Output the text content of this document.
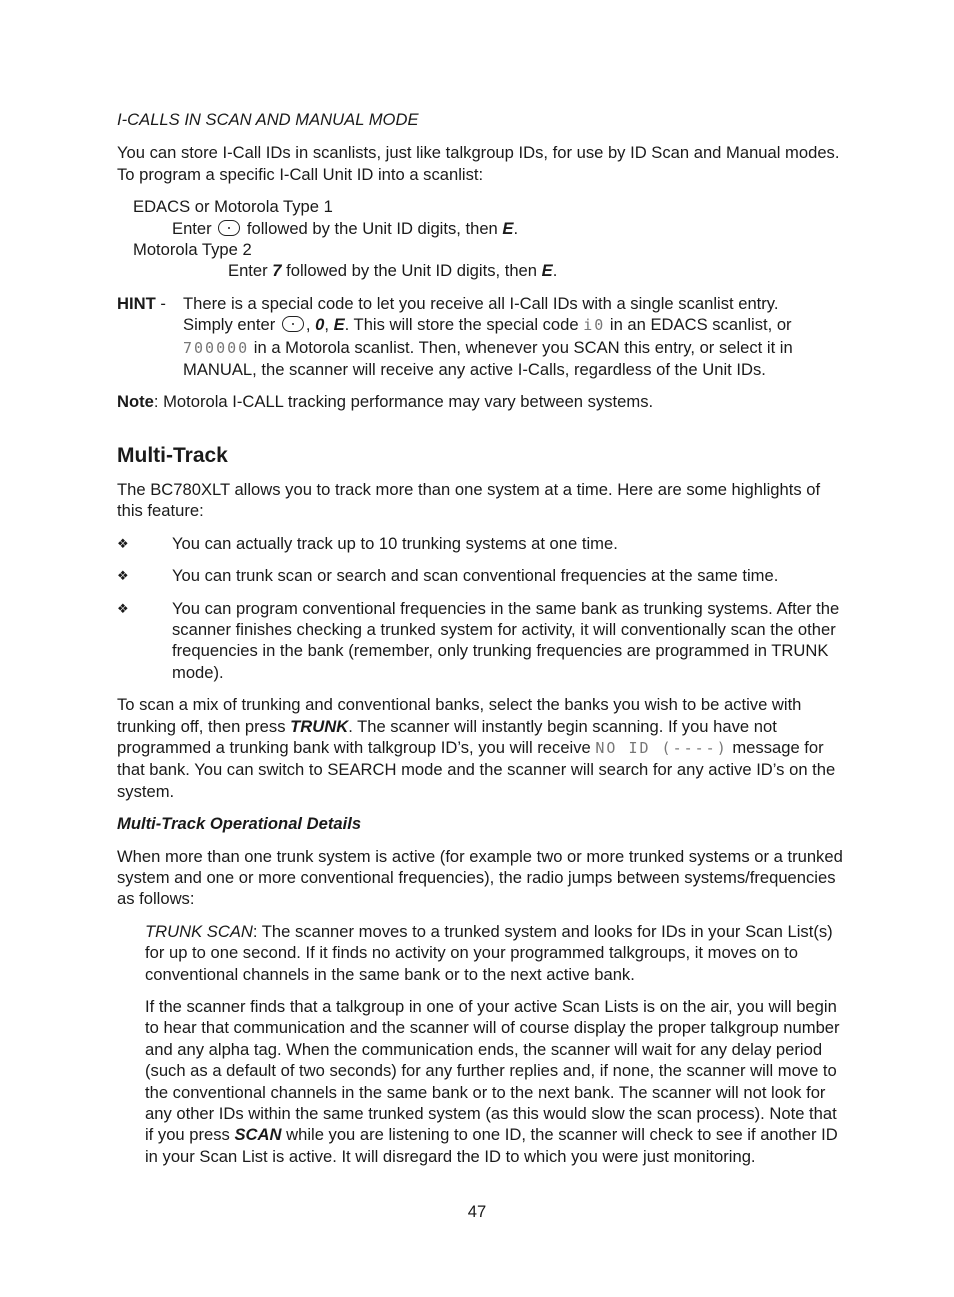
I-CALLS IN SCAN AND MANUAL MODE

You can store I-Call IDs in scanlists, just like talkgroup IDs, for use by ID Scan and Manual modes. To program a specific I-Call Unit ID into a scanlist:

EDACS or Motorola Type 1

Enter  followed by the Unit ID digits, then E.

Motorola Type 2

Enter 7 followed by the Unit ID digits, then E.

HINT -	There is a special code to let you receive all I-Call IDs with a single scanlist entry.

Simply enter , 0, E. This will store the special code i0 in an EDACS scanlist, or 700000 in a Motorola scanlist. Then, whenever you SCAN this entry, or select it in MANUAL, the scanner will receive any active I-Calls, regardless of the Unit IDs.

Note: Motorola I-CALL tracking performance may vary between systems.

Multi-Track

The BC780XLT allows you to track more than one system at a time. Here are some highlights of this feature:

❖	You can actually track up to 10 trunking systems at one time.
❖	You can trunk scan or search and scan conventional frequencies at the same time.
❖	You can program conventional frequencies in the same bank as trunking systems. After the scanner finishes checking a trunked system for activity, it will conventionally scan the other frequencies in the bank (remember, only trunking frequencies are programmed in TRUNK mode).

To scan a mix of trunking and conventional banks, select the banks you wish to be active with trunking off, then press TRUNK. The scanner will instantly begin scanning. If you have not programmed a trunking bank with talkgroup ID’s, you will receive NO ID (----) message for that bank. You can switch to SEARCH mode and the scanner will search for any active ID’s on the system.

Multi-Track Operational Details

When more than one trunk system is active (for example two or more trunked systems or a trunked system and one or more conventional frequencies), the radio jumps between systems/frequencies as follows:

TRUNK SCAN: The scanner moves to a trunked system and looks for IDs in your Scan List(s) for up to one second. If it finds no activity on your programmed talkgroups, it moves on to conventional channels in the same bank or to the next active bank.

If the scanner finds that a talkgroup in one of your active Scan Lists is on the air, you will begin to hear that communication and the scanner will of course display the proper talkgroup number and any alpha tag. When the communication ends, the scanner will wait for any delay period (such as a default of two seconds) for any further replies and, if none, the scanner will move to the conventional channels in the same bank or to the next bank. The scanner will not look for any other IDs within the same trunked system (as this would slow the scan process). Note that if you press SCAN while you are listening to one ID, the scanner will check to see if another ID in your Scan List is active. It will disregard the ID to which you were just monitoring.

47
